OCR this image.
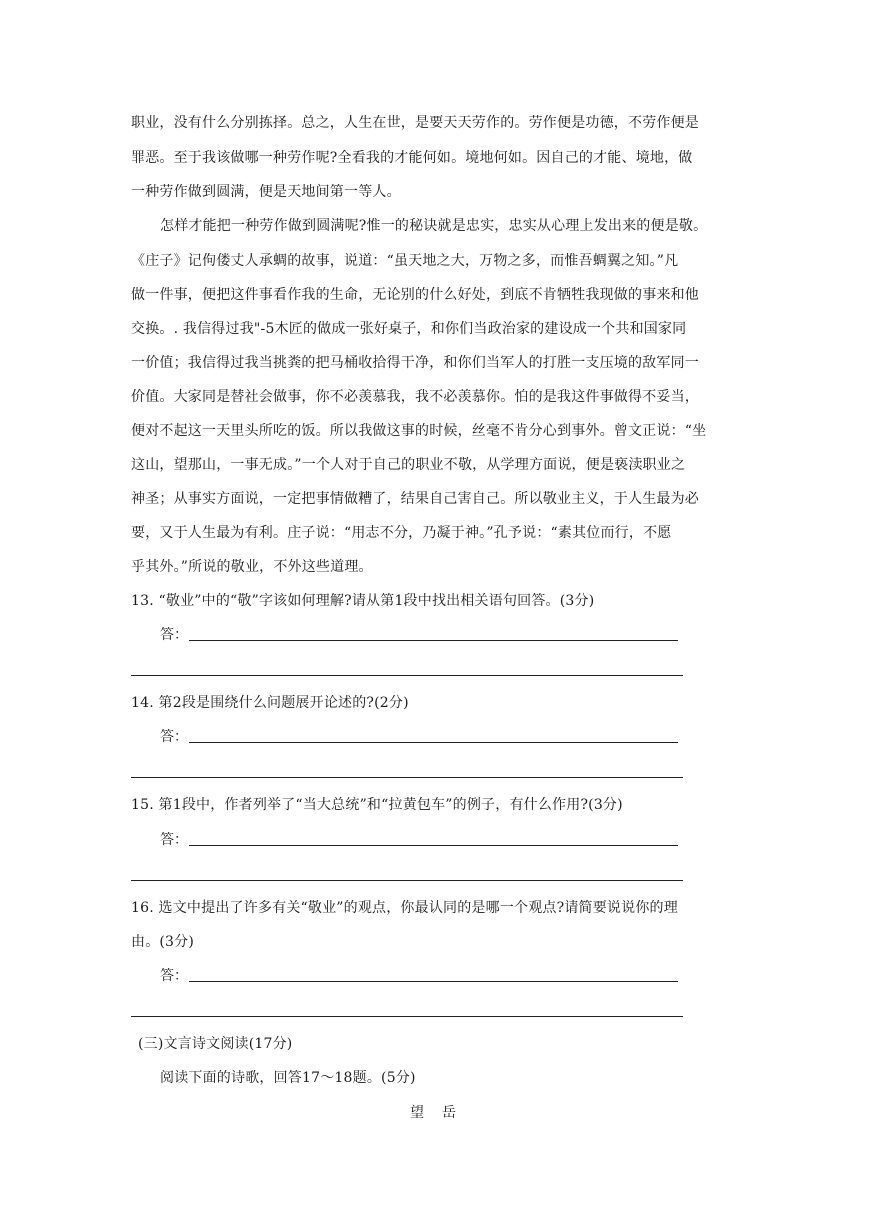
职业，没有什么分别拣择。总之，人生在世，是要天天劳作的。劳作便是功德，不劳作便是
罪恶。至于我该做哪一种劳作呢?全看我的才能何如。境地何如。因自己的才能、境地，做
一种劳作做到圆满，便是天地间第一等人。
怎样才能把一种劳作做到圆满呢?惟一的秘诀就是忠实，忠实从心理上发出来的便是敬。
《庄子》记佝偻丈人承蜩的故事，说道：“虽天地之大，万物之多，而惟吾蜩翼之知。”凡
做一件事，便把这件事看作我的生命，无论别的什么好处，到底不肯牺牲我现做的事来和他
交换。. 我信得过我"-5木匠的做成一张好桌子，和你们当政治家的建设成一个共和国家同
一价值；我信得过我当挑粪的把马桶收拾得干净，和你们当军人的打胜一支压境的敌军同一
价值。大家同是替社会做事，你不必羡慕我，我不必羡慕你。怕的是我这件事做得不妥当，
便对不起这一天里头所吃的饭。所以我做这事的时候，丝毫不肯分心到事外。曾文正说：“坐
这山，望那山，一事无成。”一个人对于自己的职业不敬，从学理方面说，便是亵渎职业之
神圣；从事实方面说，一定把事情做糟了，结果自己害自己。所以敬业主义，于人生最为必
要，又于人生最为有利。庄子说：“用志不分，乃凝于神。”孔予说：“素其位而行，不愿
乎其外。”所说的敬业，不外这些道理。
13. “敬业”中的“敬”字该如何理解?请从第1段中找出相关语句回答。(3分)
答：
14. 第2段是围绕什么问题展开论述的?(2分)
答：
15. 第1段中，作者列举了“当大总统”和“拉黄包车”的例子，有什么作用?(3分)
答：
16. 选文中提出了许多有关“敬业”的观点，你最认同的是哪一个观点?请简要说说你的理
由。(3分)
答：
(三)文言诗文阅读(17分)
阅读下面的诗歌，回答17～18题。(5分)
望岳
